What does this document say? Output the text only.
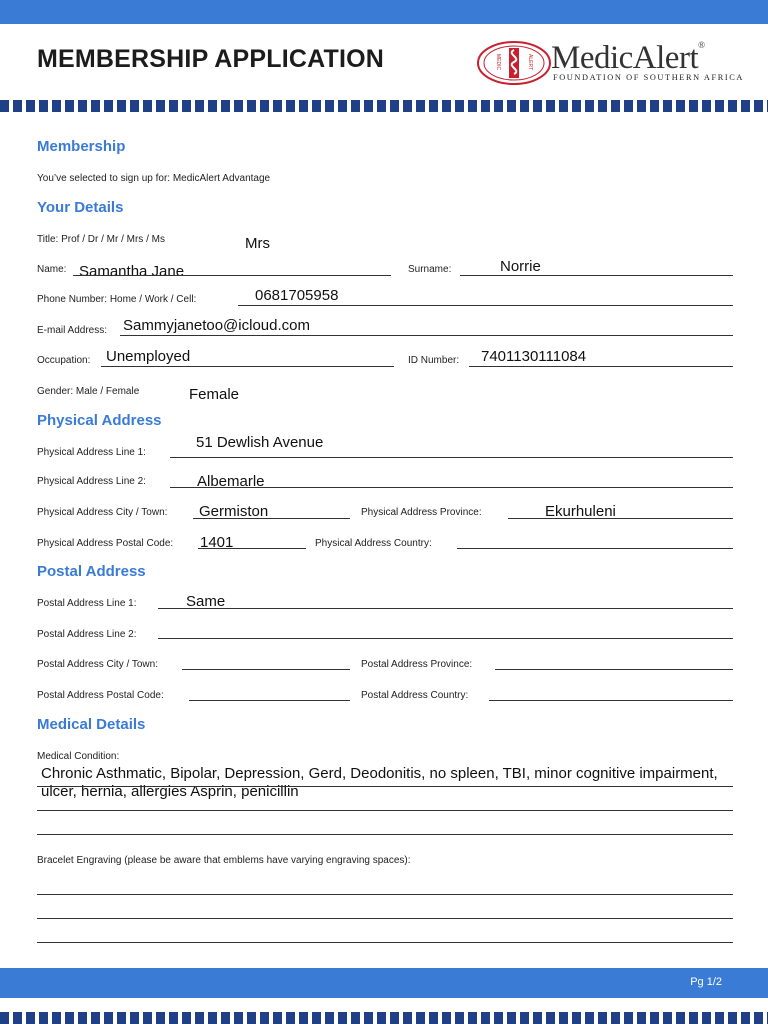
MEMBERSHIP APPLICATION	MEDIC	ALERT MedicAlert®
FOUNDATION OF SOUTHERN AFRICA
Membership
You’ve selected to sign up for: MedicAlert Advantage
Your Details
Title: Prof / Dr / Mr / Mrs / Ms	Mrs
Name: Samantha Jane	Surname:	Norrie
Phone Number: Home / Work / Cell:	0681705958
E-mail Address: Sammyjanetoo@icloud.com
Occupation: Unemployed	ID Number: 7401130111084
Gender: Male / Female	Female
Physical Address
Physical Address Line 1:
51 Dewlish Avenue
Physical Address Line 2:	Albemarle
Physical Address City / Town: Germiston	Physical Address Province:	Ekurhuleni
Physical Address Postal Code: 1401	Physical Address Country:
Postal Address
Postal Address Line 1:	Same
Postal Address Line 2:
Postal Address City / Town:	Postal Address Province:
Postal Address Postal Code:	Postal Address Country:
Medical Details
Medical Condition:
Chronic Asthmatic, Bipolar, Depression, Gerd, Deodonitis, no spleen, TBI, minor cognitive impairment, ulcer, hernia, allergies Asprin, penicillin
Bracelet Engraving (please be aware that emblems have varying engraving spaces):
Pg 1/2
